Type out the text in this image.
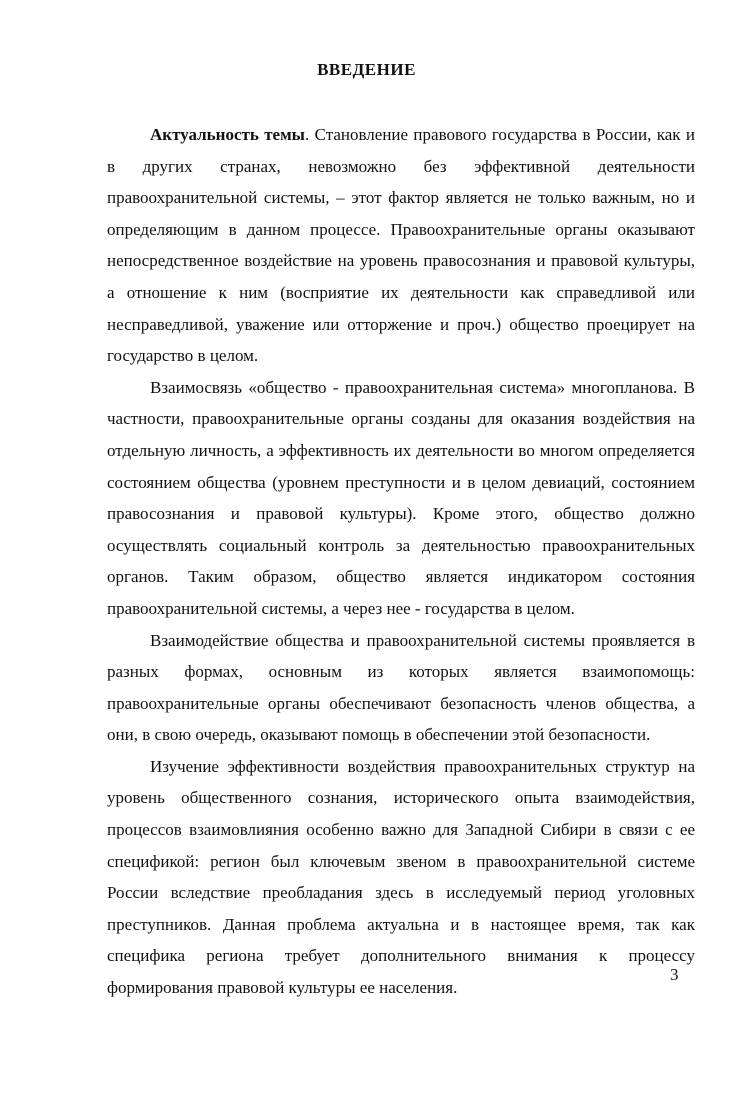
ВВЕДЕНИЕ

Актуальность темы. Становление правового государства в России, как и в других странах, невозможно без эффективной деятельности правоохранительной системы, – этот фактор является не только важным, но и определяющим в данном процессе. Правоохранительные органы оказывают непосредственное воздействие на уровень правосознания и правовой культуры, а отношение к ним (восприятие их деятельности как справедливой или несправедливой, уважение или отторжение и проч.) общество проецирует на государство в целом.

Взаимосвязь «общество - правоохранительная система» многопланова. В частности, правоохранительные органы созданы для оказания воздействия на отдельную личность, а эффективность их деятельности во многом определяется состоянием общества (уровнем преступности и в целом девиаций, состоянием правосознания и правовой культуры). Кроме этого, общество должно осуществлять социальный контроль за деятельностью правоохранительных органов. Таким образом, общество является индикатором состояния правоохранительной системы, а через нее - государства в целом.

Взаимодействие общества и правоохранительной системы проявляется в разных формах, основным из которых является взаимопомощь: правоохранительные органы обеспечивают безопасность членов общества, а они, в свою очередь, оказывают помощь в обеспечении этой безопасности.

Изучение эффективности воздействия правоохранительных структур на уровень общественного сознания, исторического опыта взаимодействия, процессов взаимовлияния особенно важно для Западной Сибири в связи с ее спецификой: регион был ключевым звеном в правоохранительной системе России вследствие преобладания здесь в исследуемый период уголовных преступников. Данная проблема актуальна и в настоящее время, так как специфика региона требует дополнительного внимания к процессу формирования правовой культуры ее населения.

3
